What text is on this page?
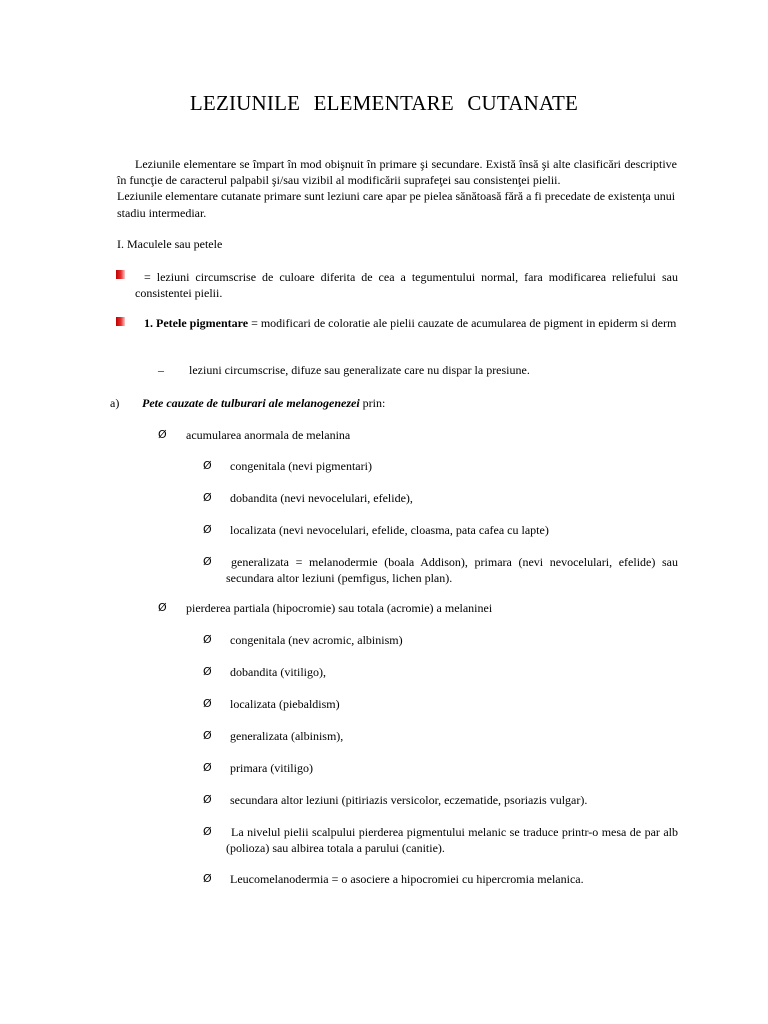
LEZIUNILE ELEMENTARE CUTANATE
Leziunile elementare se împart în mod obişnuit în primare şi secundare. Există însă şi alte clasificări descriptive în funcţie de caracterul palpabil şi/sau vizibil al modificării suprafeţei sau consistenţei pielii.
Leziunile elementare cutanate primare sunt leziuni care apar pe pielea sănătoasă fără a fi precedate de existenţa unui
stadiu intermediar.
I. Maculele sau petele
= leziuni circumscrise de culoare diferita de cea a tegumentului normal, fara modificarea reliefului sau consistentei pielii.
1. Petele pigmentare = modificari de coloratie ale pielii cauzate de acumularea de pigment in epiderm si derm
– leziuni circumscrise, difuze sau generalizate care nu dispar la presiune.
a) Pete cauzate de tulburari ale melanogenezei prin:
Ø acumularea anormala de melanina
Ø congenitala (nevi pigmentari)
Ø dobandita (nevi nevocelulari, efelide),
Ø localizata (nevi nevocelulari, efelide, cloasma, pata cafea cu lapte)
Ø	generalizata = melanodermie (boala Addison), primara (nevi nevocelulari, efelide) sau secundara altor leziuni (pemfigus, lichen plan).
Ø pierderea partiala (hipocromie) sau totala (acromie) a melaninei
Ø congenitala (nev acromic, albinism)
Ø dobandita (vitiligo),
Ø localizata (piebaldism)
Ø generalizata (albinism),
Ø primara (vitiligo)
Ø secundara altor leziuni (pitiriazis versicolor, eczematide, psoriazis vulgar).
Ø	La nivelul pielii scalpului pierderea pigmentului melanic se traduce printr-o mesa de par alb (polioza) sau albirea totala a parului (canitie).
Ø Leucomelanodermia = o asociere a hipocromiei cu hipercromia melanica.
